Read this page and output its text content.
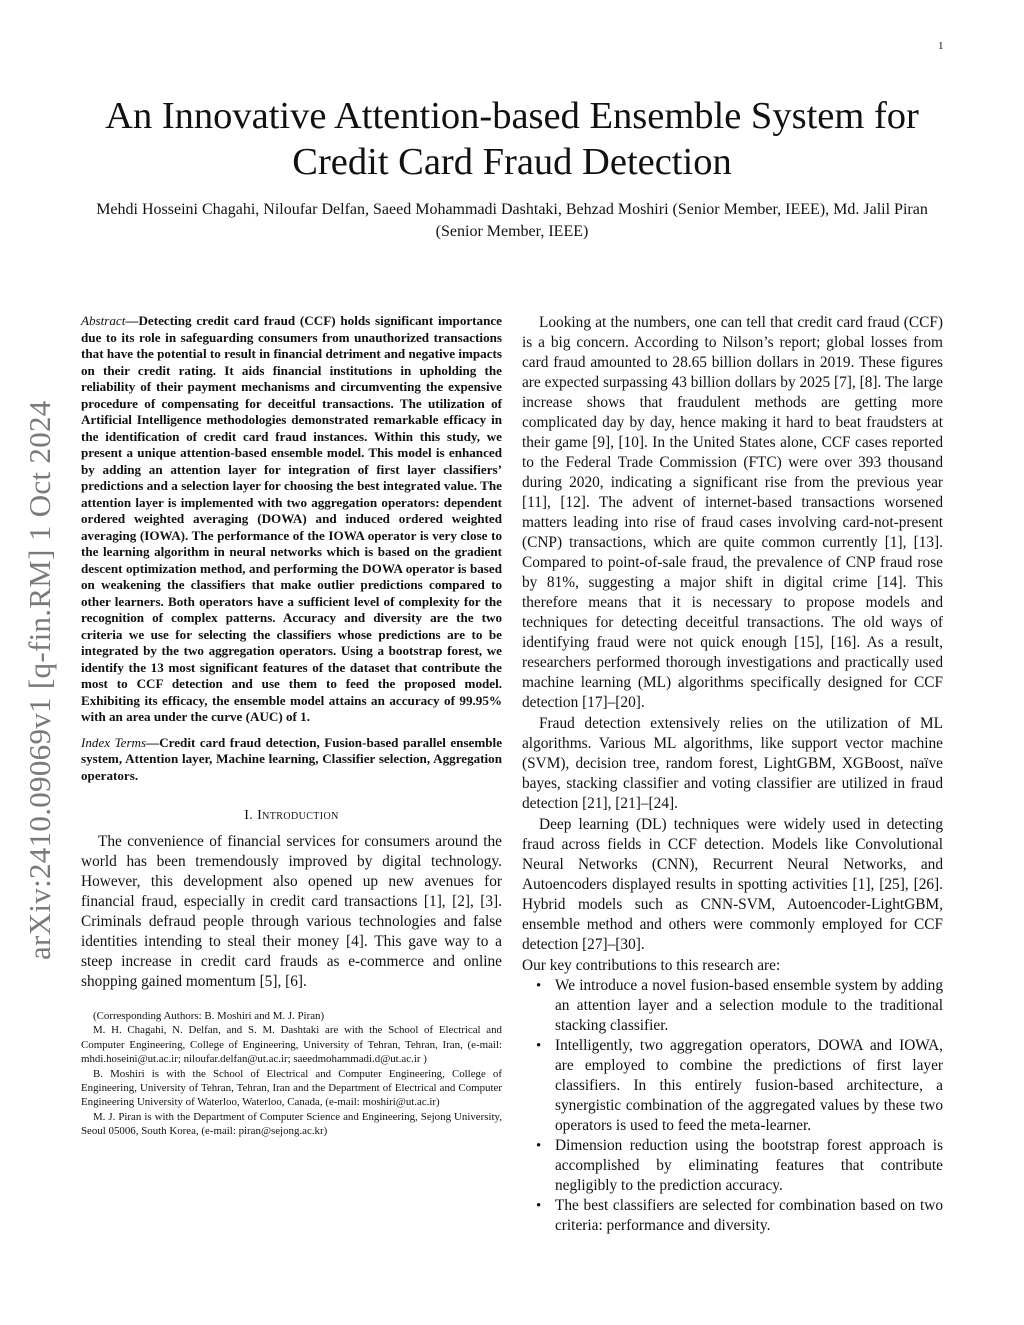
1
arXiv:2410.09069v1 [q-fin.RM] 1 Oct 2024
An Innovative Attention-based Ensemble System for Credit Card Fraud Detection

Mehdi Hosseini Chagahi, Niloufar Delfan, Saeed Mohammadi Dashtaki, Behzad Moshiri (Senior Member, IEEE), Md. Jalil Piran (Senior Member, IEEE)

Abstract—Detecting credit card fraud (CCF) holds significant importance due to its role in safeguarding consumers from unauthorized transactions that have the potential to result in financial detriment and negative impacts on their credit rating. It aids financial institutions in upholding the reliability of their payment mechanisms and circumventing the expensive procedure of compensating for deceitful transactions. The utilization of Artificial Intelligence methodologies demonstrated remarkable efficacy in the identification of credit card fraud instances. Within this study, we present a unique attention-based ensemble model. This model is enhanced by adding an attention layer for integration of first layer classifiers’ predictions and a selection layer for choosing the best integrated value. The attention layer is implemented with two aggregation operators: dependent ordered weighted averaging (DOWA) and induced ordered weighted averaging (IOWA). The performance of the IOWA operator is very close to the learning algorithm in neural networks which is based on the gradient descent optimization method, and performing the DOWA operator is based on weakening the classifiers that make outlier predictions compared to other learners. Both operators have a sufficient level of complexity for the recognition of complex patterns. Accuracy and diversity are the two criteria we use for selecting the classifiers whose predictions are to be integrated by the two aggregation operators. Using a bootstrap forest, we identify the 13 most significant features of the dataset that contribute the most to CCF detection and use them to feed the proposed model. Exhibiting its efficacy, the ensemble model attains an accuracy of 99.95% with an area under the curve (AUC) of 1.

Index Terms—Credit card fraud detection, Fusion-based parallel ensemble system, Attention layer, Machine learning, Classifier selection, Aggregation operators.

I. Introduction

The convenience of financial services for consumers around the world has been tremendously improved by digital technology. However, this development also opened up new avenues for financial fraud, especially in credit card transactions [1], [2], [3]. Criminals defraud people through various technologies and false identities intending to steal their money [4]. This gave way to a steep increase in credit card frauds as e-commerce and online shopping gained momentum [5], [6].

(Corresponding Authors: B. Moshiri and M. J. Piran)

M. H. Chagahi, N. Delfan, and S. M. Dashtaki are with the School of Electrical and Computer Engineering, College of Engineering, University of Tehran, Tehran, Iran, (e-mail: mhdi.hoseini@ut.ac.ir; niloufar.delfan@ut.ac.ir; saeedmohammadi.d@ut.ac.ir )

B. Moshiri is with the School of Electrical and Computer Engineering, College of Engineering, University of Tehran, Tehran, Iran and the Department of Electrical and Computer Engineering University of Waterloo, Waterloo, Canada, (e-mail: moshiri@ut.ac.ir)

M. J. Piran is with the Department of Computer Science and Engineering, Sejong University, Seoul 05006, South Korea, (e-mail: piran@sejong.ac.kr)

Looking at the numbers, one can tell that credit card fraud (CCF) is a big concern. According to Nilson’s report; global losses from card fraud amounted to 28.65 billion dollars in 2019. These figures are expected surpassing 43 billion dollars by 2025 [7], [8]. The large increase shows that fraudulent methods are getting more complicated day by day, hence making it hard to beat fraudsters at their game [9], [10]. In the United States alone, CCF cases reported to the Federal Trade Commission (FTC) were over 393 thousand during 2020, indicating a significant rise from the previous year [11], [12]. The advent of internet-based transactions worsened matters leading into rise of fraud cases involving card-not-present (CNP) transactions, which are quite common currently [1], [13]. Compared to point-of-sale fraud, the prevalence of CNP fraud rose by 81%, suggesting a major shift in digital crime [14]. This therefore means that it is necessary to propose models and techniques for detecting deceitful transactions. The old ways of identifying fraud were not quick enough [15], [16]. As a result, researchers performed thorough investigations and practically used machine learning (ML) algorithms specifically designed for CCF detection [17]–[20].

Fraud detection extensively relies on the utilization of ML algorithms. Various ML algorithms, like support vector machine (SVM), decision tree, random forest, LightGBM, XGBoost, naïve bayes, stacking classifier and voting classifier are utilized in fraud detection [21], [21]–[24].

Deep learning (DL) techniques were widely used in detecting fraud across fields in CCF detection. Models like Convolutional Neural Networks (CNN), Recurrent Neural Networks, and Autoencoders displayed results in spotting activities [1], [25], [26]. Hybrid models such as CNN-SVM, Autoencoder-LightGBM, ensemble method and others were commonly employed for CCF detection [27]–[30].

Our key contributions to this research are:

• We introduce a novel fusion-based ensemble system by adding an attention layer and a selection module to the traditional stacking classifier.
• Intelligently, two aggregation operators, DOWA and IOWA, are employed to combine the predictions of first layer classifiers. In this entirely fusion-based architecture, a synergistic combination of the aggregated values by these two operators is used to feed the meta-learner.
• Dimension reduction using the bootstrap forest approach is accomplished by eliminating features that contribute negligibly to the prediction accuracy.
• The best classifiers are selected for combination based on two criteria: performance and diversity.
